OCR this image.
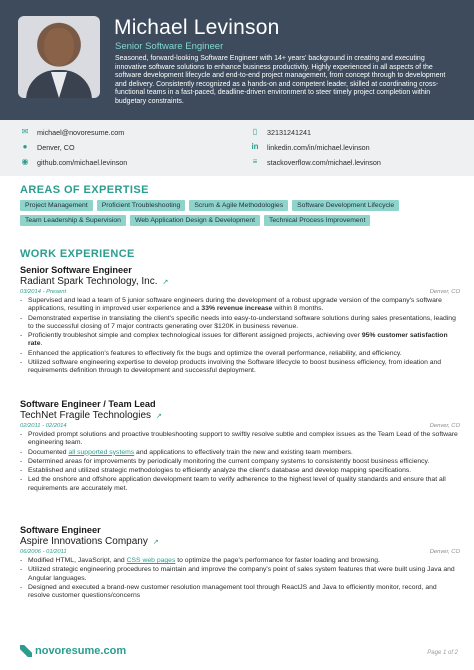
Michael Levinson
Senior Software Engineer
Seasoned, forward-looking Software Engineer with 14+ years' background in creating and executing innovative software solutions to enhance business productivity. Highly experienced in all aspects of the software development lifecycle and end-to-end project management, from concept through to development and delivery. Consistently recognized as a hands-on and competent leader, skilled at coordinating cross-functional teams in a fast-paced, deadline-driven environment to steer timely project completion within budgetary constraints.
✉ michael@novoresume.com	▯	32131241241
●	Denver, CO	in linkedin.com/in/michael.levinson
◉ github.com/michael.levinson	≡	stackoverflow.com/michael.levinson
AREAS OF EXPERTISE
Project Management	Proficient Troubleshooting	Scrum & Agile Methodologies	Software Development Lifecycle
Team Leadership & Supervision	Web Application Design & Development	Technical Process Improvement
WORK EXPERIENCE
Senior Software Engineer
Radiant Spark Technology, Inc. ↗
03/2014 - Present	Denver, CO
- Supervised and lead a team of 5 junior software engineers during the development of a robust upgrade version of the company's software applications, resulting in improved user experience and a 33% revenue increase within 8 months.
- Demonstrated expertise in translating the client's specific needs into easy-to-understand software solutions during sales presentations, leading to the successful closing of 7 major contracts generating over $120K in business revenue.
- Proficiently troubleshot simple and complex technological issues for different assigned projects, achieving over 95% customer satisfaction rate.
- Enhanced the application's features to effectively fix the bugs and optimize the overall performance, reliability, and efficiency.
- Utilized software engineering expertise to develop products involving the Software lifecycle to boost business efficiency, from ideation and requirements definition through to development and successful deployment.
Software Engineer / Team Lead
TechNet Fragile Technologies ↗
02/2011 - 02/2014	Denver, CO
- Provided prompt solutions and proactive troubleshooting support to swiftly resolve subtle and complex issues as the Team Lead of the software engineering team.
- Documented all supported systems and applications to effectively train the new and existing team members.
- Determined areas for improvements by periodically monitoring the current company systems to consistently boost business efficiency.
- Established and utilized strategic methodologies to efficiently analyze the client's database and develop mapping specifications.
- Led the onshore and offshore application development team to verify adherence to the highest level of quality standards and ensure that all requirements are accurately met.
Software Engineer
Aspire Innovations Company ↗
06/2006 - 01/2011	Denver, CO
- Modified HTML, JavaScript, and CSS web pages to optimize the page's performance for faster loading and browsing.
- Utilized strategic engineering procedures to maintain and improve the company's point of sales system features that were built using Java and Angular languages.
- Designed and executed a brand-new customer resolution management tool through ReactJS and Java to efficiently monitor, record, and resolve customer questions/concerns
novoresume .com	Page 1 of 2
